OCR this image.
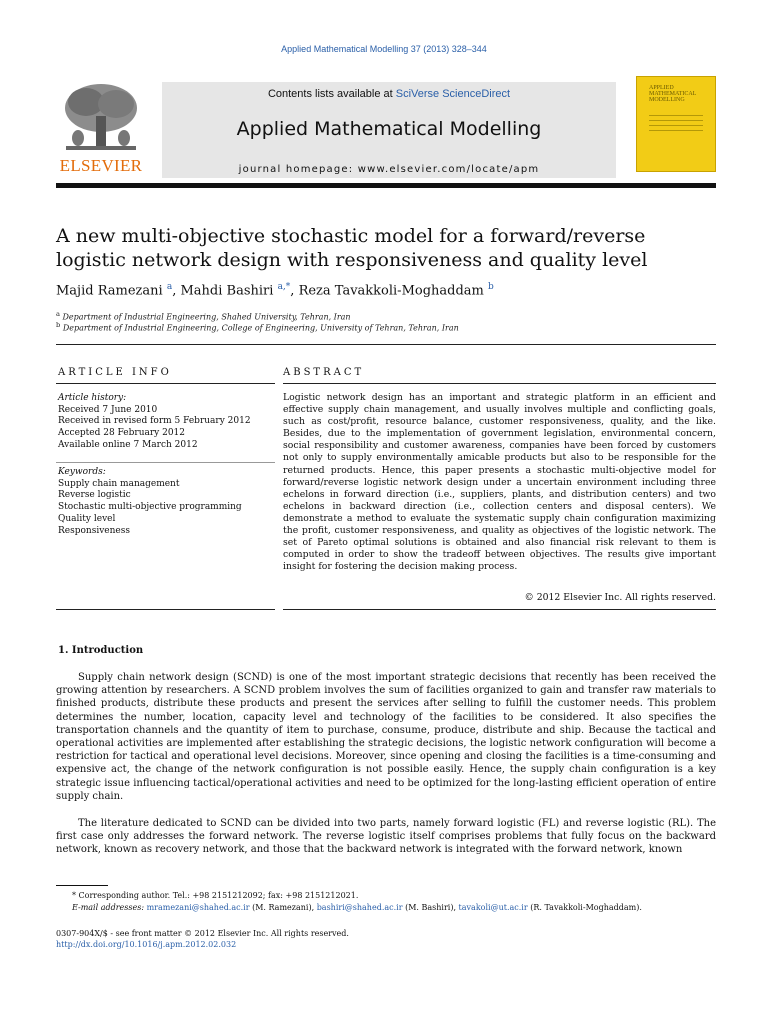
Applied Mathematical Modelling 37 (2013) 328–344
ELSEVIER
Contents lists available at SciVerse ScienceDirect
Applied Mathematical Modelling
journal homepage: www.elsevier.com/locate/apm
APPLIED MATHEMATICAL MODELLING
A new multi-objective stochastic model for a forward/reverse logistic network design with responsiveness and quality level
Majid Ramezani $^a$, Mahdi Bashiri $^{a,*}$, Reza Tavakkoli-Moghaddam $^b$
$^a$ Department of Industrial Engineering, Shahed University, Tehran, Iran
$^b$ Department of Industrial Engineering, College of Engineering, University of Tehran, Tehran, Iran
ARTICLE INFO	ABSTRACT
Article history:
Received 7 June 2010
Received in revised form 5 February 2012
Accepted 28 February 2012
Available online 7 March 2012
Keywords:
Supply chain management
Reverse logistic
Stochastic multi-objective programming
Quality level
Responsiveness
Logistic network design has an important and strategic platform in an efficient and effective supply chain management, and usually involves multiple and conflicting goals, such as cost/profit, resource balance, customer responsiveness, quality, and the like. Besides, due to the implementation of government legislation, environmental concern, social responsibility and customer awareness, companies have been forced by customers not only to supply environmentally amicable products but also to be responsible for the returned products. Hence, this paper presents a stochastic multi-objective model for forward/reverse logistic network design under a uncertain environment including three echelons in forward direction (i.e., suppliers, plants, and distribution centers) and two echelons in backward direction (i.e., collection centers and disposal centers). We demonstrate a method to evaluate the systematic supply chain configuration maximizing the profit, customer responsiveness, and quality as objectives of the logistic network. The set of Pareto optimal solutions is obtained and also financial risk relevant to them is computed in order to show the tradeoff between objectives. The results give important insight for fostering the decision making process.
© 2012 Elsevier Inc. All rights reserved.
1. Introduction
Supply chain network design (SCND) is one of the most important strategic decisions that recently has been received the growing attention by researchers. A SCND problem involves the sum of facilities organized to gain and transfer raw materials to finished products, distribute these products and present the services after selling to fulfill the customer needs. This problem determines the number, location, capacity level and technology of the facilities to be considered. It also specifies the transportation channels and the quantity of item to purchase, consume, produce, distribute and ship. Because the tactical and operational activities are implemented after establishing the strategic decisions, the logistic network configuration will become a restriction for tactical and operational level decisions. Moreover, since opening and closing the facilities is a time-consuming and expensive act, the change of the network configuration is not possible easily. Hence, the supply chain configuration is a key strategic issue influencing tactical/operational activities and need to be optimized for the long-lasting efficient operation of entire supply chain.
The literature dedicated to SCND can be divided into two parts, namely forward logistic (FL) and reverse logistic (RL). The first case only addresses the forward network. The reverse logistic itself comprises problems that fully focus on the backward network, known as recovery network, and those that the backward network is integrated with the forward network, known
* Corresponding author. Tel.: +98 2151212092; fax: +98 2151212021.
E-mail addresses: mramezani@shahed.ac.ir (M. Ramezani), bashiri@shahed.ac.ir (M. Bashiri), tavakoli@ut.ac.ir (R. Tavakkoli-Moghaddam).
0307-904X/$ - see front matter © 2012 Elsevier Inc. All rights reserved.
http://dx.doi.org/10.1016/j.apm.2012.02.032
